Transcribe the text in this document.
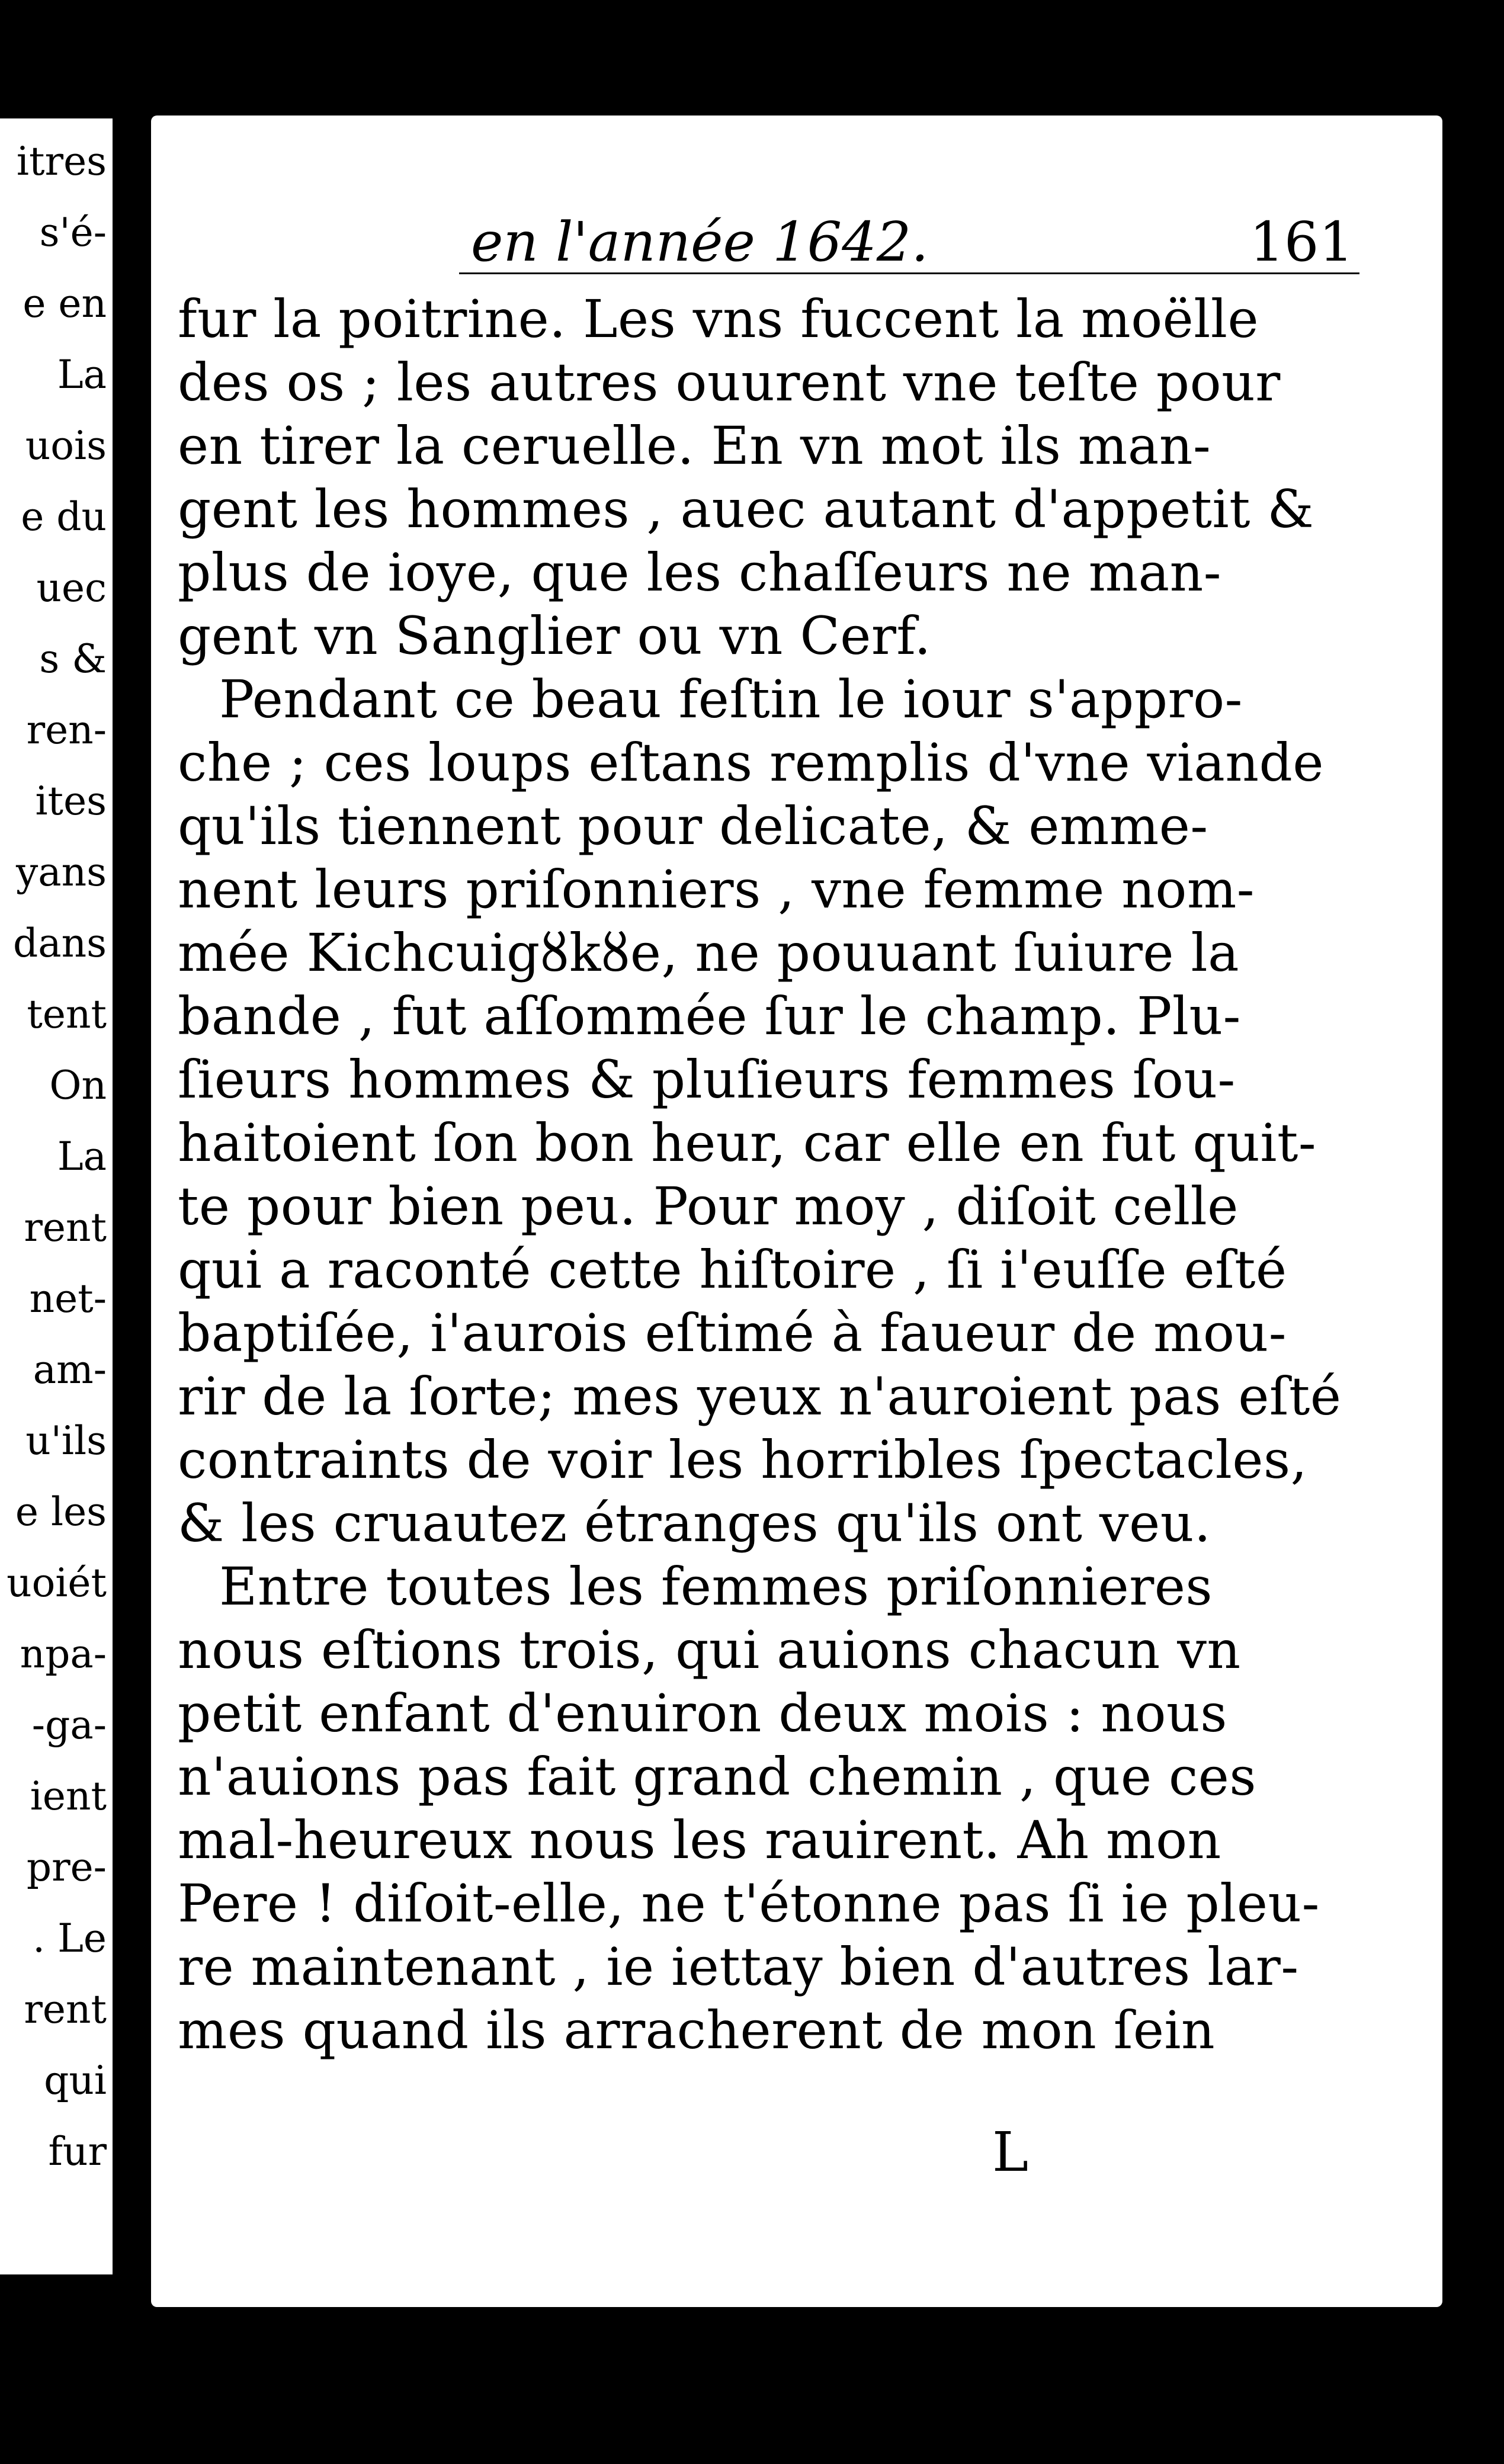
itres
s'é-
e en
La
uois
e du
uec
s &
ren-
ites
yans
dans
tent
On
La
rent
net-
am-
u'ils
e les
uoiét
npa-
-ga-
ient
pre-
. Le
rent
qui
fur
en l'année 1642.	161
fur la poitrine. Les vns fuccent la moëlle
des os ; les autres ouurent vne teſte pour
en tirer la ceruelle. En vn mot ils man-
gent les hommes , auec autant d'appetit &
plus de ioye, que les chaſſeurs ne man-
gent vn Sanglier ou vn Cerf.
Pendant ce beau feſtin le iour s'appro-
che ; ces loups eſtans remplis d'vne viande
qu'ils tiennent pour delicate, & emme-
nent leurs priſonniers , vne femme nom-
mée Kichcuigȣkȣe, ne pouuant ſuiure la
bande , fut aſſommée ſur le champ. Plu-
ſieurs hommes & pluſieurs femmes ſou-
haitoient ſon bon heur, car elle en fut quit-
te pour bien peu. Pour moy , diſoit celle
qui a raconté cette hiſtoire , ſi i'euſſe eſté
baptiſée, i'aurois eſtimé à faueur de mou-
rir de la ſorte; mes yeux n'auroient pas eſté
contraints de voir les horribles ſpectacles,
& les cruautez étranges qu'ils ont veu.
Entre toutes les femmes priſonnieres
nous eſtions trois, qui auions chacun vn
petit enfant d'enuiron deux mois : nous
n'auions pas fait grand chemin , que ces
mal-heureux nous les rauirent. Ah mon
Pere ! diſoit-elle, ne t'étonne pas ſi ie pleu-
re maintenant , ie iettay bien d'autres lar-
mes quand ils arracherent de mon ſein
L
